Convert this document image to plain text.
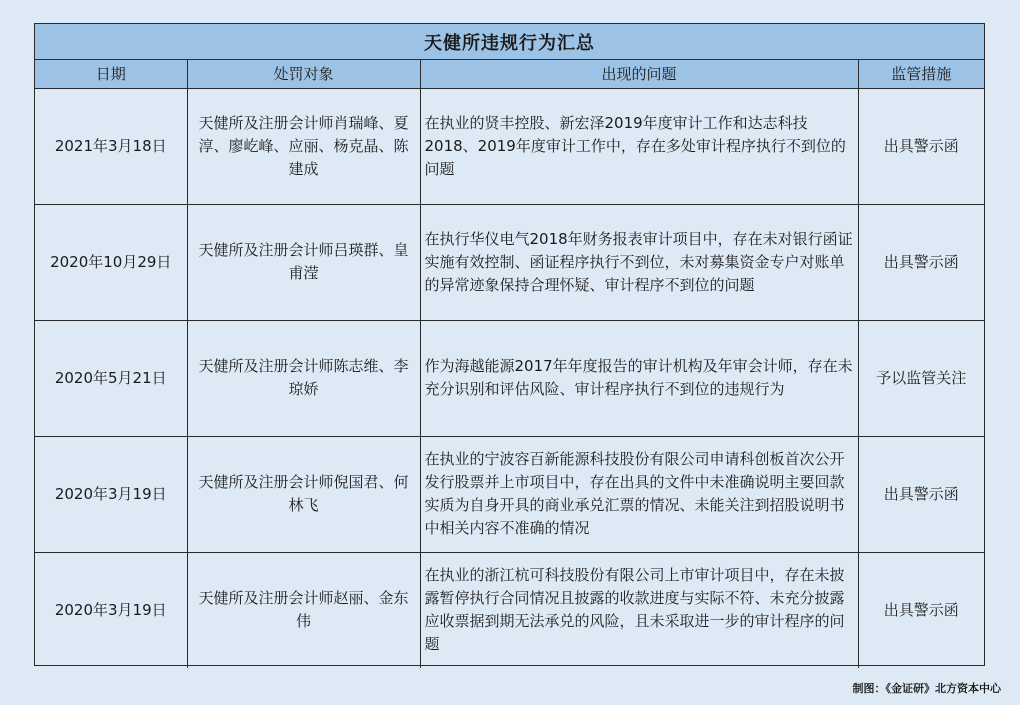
天健所违规行为汇总
日期	处罚对象	出现的问题	监管措施
2021年3月18日	天健所及注册会计师肖瑞峰、夏淳、廖屹峰、应丽、杨克晶、陈建成	在执业的贤丰控股、新宏泽2019年度审计工作和达志科技2018、2019年度审计工作中，存在多处审计程序执行不到位的问题	出具警示函
2020年10月29日	天健所及注册会计师吕瑛群、皇甫滢	在执行华仪电气2018年财务报表审计项目中，存在未对银行函证实施有效控制、函证程序执行不到位，未对募集资金专户对账单的异常迹象保持合理怀疑、审计程序不到位的问题	出具警示函
2020年5月21日	天健所及注册会计师陈志维、李琼娇	作为海越能源2017年年度报告的审计机构及年审会计师，存在未充分识别和评估风险、审计程序执行不到位的违规行为	予以监管关注
2020年3月19日	天健所及注册会计师倪国君、何林飞	在执业的宁波容百新能源科技股份有限公司申请科创板首次公开发行股票并上市项目中，存在出具的文件中未准确说明主要回款实质为自身开具的商业承兑汇票的情况、未能关注到招股说明书中相关内容不准确的情况	出具警示函
2020年3月19日	天健所及注册会计师赵丽、金东伟	在执业的浙江杭可科技股份有限公司上市审计项目中，存在未披露暂停执行合同情况且披露的收款进度与实际不符、未充分披露应收票据到期无法承兑的风险，且未采取进一步的审计程序的问题	出具警示函
制图：《金证研》北方资本中心
